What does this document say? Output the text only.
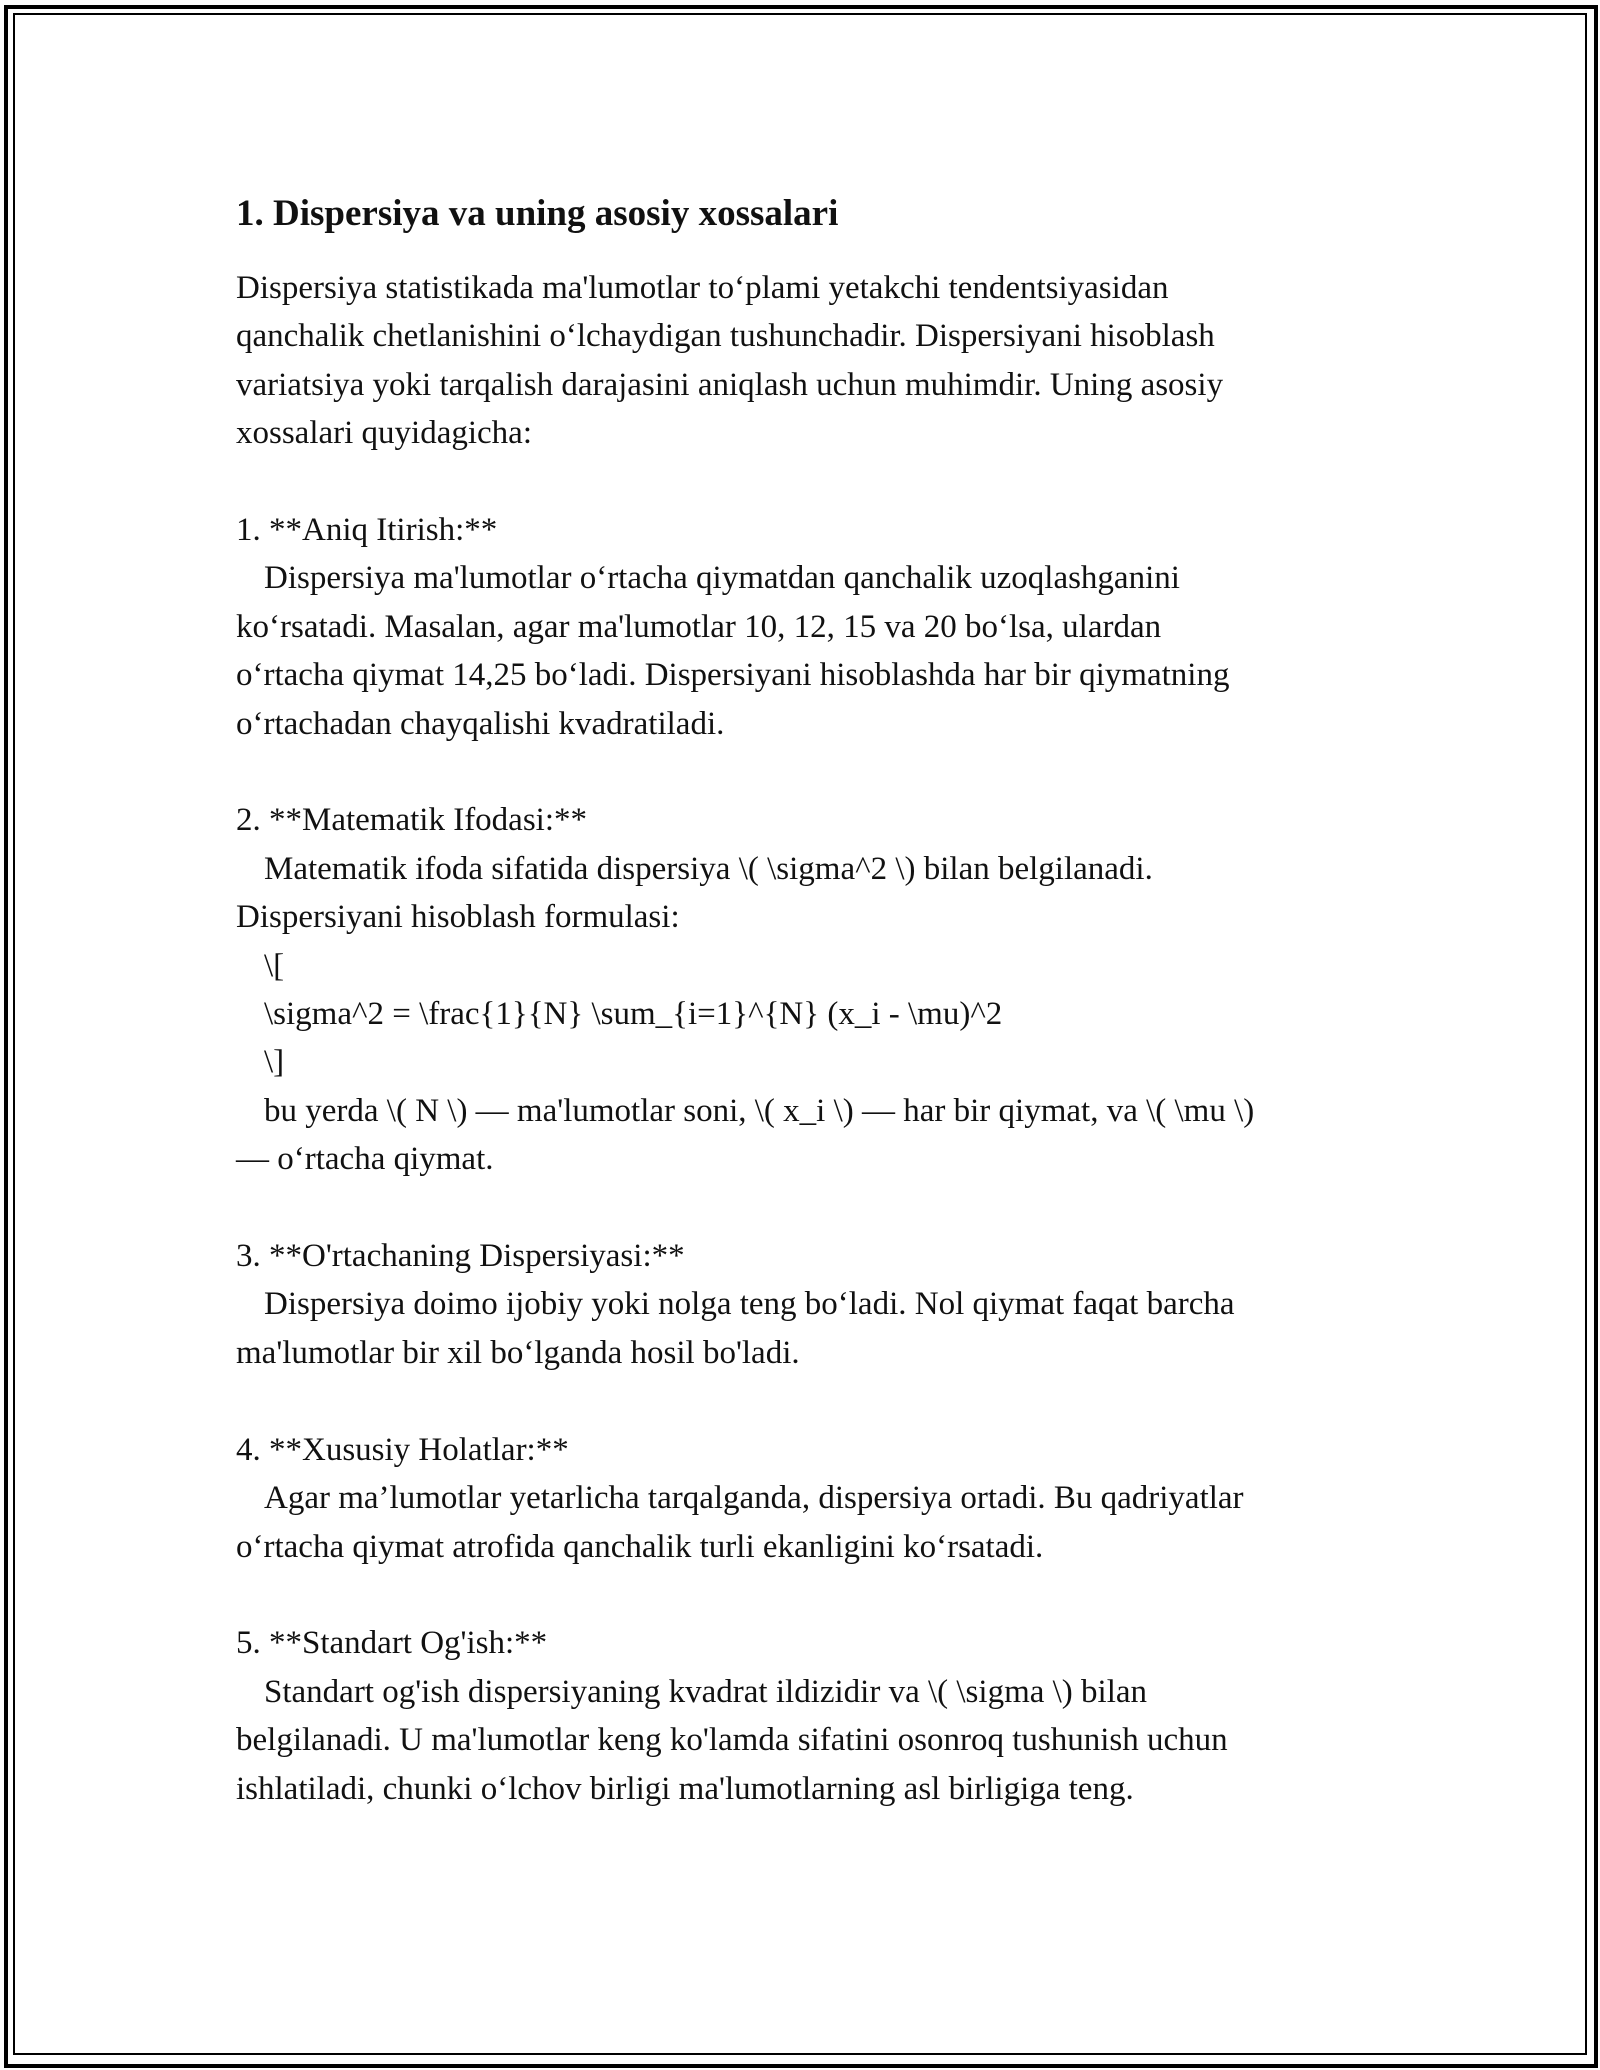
1. Dispersiya va uning asosiy xossalari
Dispersiya statistikada ma'lumotlar to‘plami yetakchi tendentsiyasidan
qanchalik chetlanishini o‘lchaydigan tushunchadir. Dispersiyani hisoblash
variatsiya yoki tarqalish darajasini aniqlash uchun muhimdir. Uning asosiy
xossalari quyidagicha:
1. **Aniq Itirish:**
Dispersiya ma'lumotlar o‘rtacha qiymatdan qanchalik uzoqlashganini
ko‘rsatadi. Masalan, agar ma'lumotlar 10, 12, 15 va 20 bo‘lsa, ulardan
o‘rtacha qiymat 14,25 bo‘ladi. Dispersiyani hisoblashda har bir qiymatning
o‘rtachadan chayqalishi kvadratiladi.
2. **Matematik Ifodasi:**
Matematik ifoda sifatida dispersiya \( \sigma^2 \) bilan belgilanadi.
Dispersiyani hisoblash formulasi:
\[
\sigma^2 = \frac{1}{N} \sum_{i=1}^{N} (x_i - \mu)^2
\]
bu yerda \( N \) — ma'lumotlar soni, \( x_i \) — har bir qiymat, va \( \mu \)
— o‘rtacha qiymat.
3. **O'rtachaning Dispersiyasi:**
Dispersiya doimo ijobiy yoki nolga teng bo‘ladi. Nol qiymat faqat barcha
ma'lumotlar bir xil bo‘lganda hosil bo'ladi.
4. **Xususiy Holatlar:**
Agar ma’lumotlar yetarlicha tarqalganda, dispersiya ortadi. Bu qadriyatlar
o‘rtacha qiymat atrofida qanchalik turli ekanligini ko‘rsatadi.
5. **Standart Og'ish:**
Standart og'ish dispersiyaning kvadrat ildizidir va \( \sigma \) bilan
belgilanadi. U ma'lumotlar keng ko'lamda sifatini osonroq tushunish uchun
ishlatiladi, chunki o‘lchov birligi ma'lumotlarning asl birligiga teng.
